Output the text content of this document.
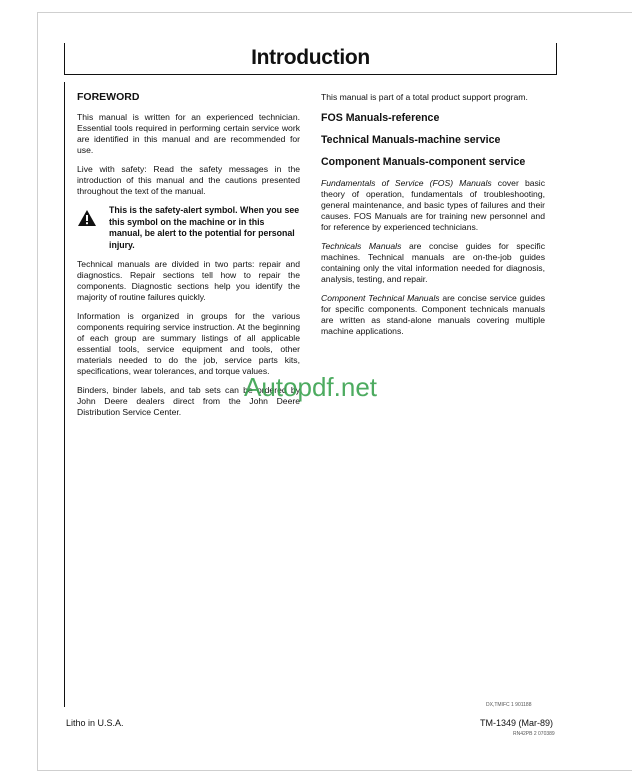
Introduction
FOREWORD

This manual is written for an experienced technician. Essential tools required in performing certain service work are identified in this manual and are recommended for use.

Live with safety: Read the safety messages in the introduction of this manual and the cautions presented throughout the text of the manual.

This is the safety-alert symbol. When you see this symbol on the machine or in this manual, be alert to the potential for personal injury.

Technical manuals are divided in two parts: repair and diagnostics. Repair sections tell how to repair the components. Diagnostic sections help you identify the majority of routine failures quickly.

Information is organized in groups for the various components requiring service instruction. At the beginning of each group are summary listings of all applicable essential tools, service equipment and tools, other materials needed to do the job, service parts kits, specifications, wear tolerances, and torque values.

Binders, binder labels, and tab sets can be ordered by John Deere dealers direct from the John Deere Distribution Service Center.

This manual is part of a total product support program.

FOS Manuals-reference
Technical Manuals-machine service
Component Manuals-component service

Fundamentals of Service (FOS) Manuals cover basic theory of operation, fundamentals of troubleshooting, general maintenance, and basic types of failures and their causes. FOS Manuals are for training new personnel and for reference by experienced technicians.

Technicals Manuals are concise guides for specific machines. Technical manuals are on-the-job guides containing only the vital information needed for diagnosis, analysis, testing, and repair.

Component Technical Manuals are concise service guides for specific components. Component technicals manuals are written as stand-alone manuals covering multiple machine applications.

Autopdf.net
DX,TMIFC 1 901188
Litho in U.S.A.	TM-1349 (Mar-89)
RN42PB 2 070389
